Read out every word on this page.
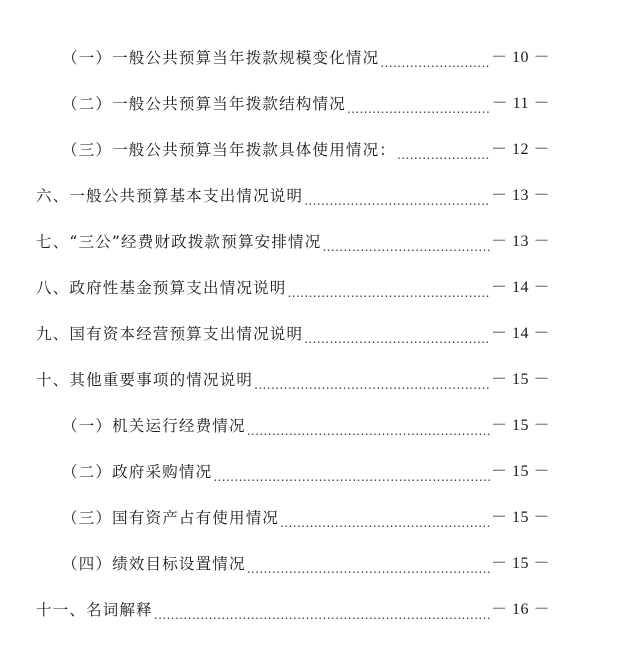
（一）一般公共预算当年拨款规模变化情况 .....	－ 10 －
（二）一般公共预算当年拨款结构情况 .....	－ 11 －
（三）一般公共预算当年拨款具体使用情况： .....	－ 12 －
六、一般公共预算基本支出情况说明 .....	－ 13 －
七、“三公”经费财政拨款预算安排情况 .....	－ 13 －
八、政府性基金预算支出情况说明 .....	－ 14 －
九、国有资本经营预算支出情况说明 .....	－ 14 －
十、其他重要事项的情况说明 .....	－ 15 －
（一）机关运行经费情况 .....	－ 15 －
（二）政府采购情况 .....	－ 15 －
（三）国有资产占有使用情况 .....	－ 15 －
（四）绩效目标设置情况 .....	－ 15 －
十一、名词解释 .....	－ 16 －
